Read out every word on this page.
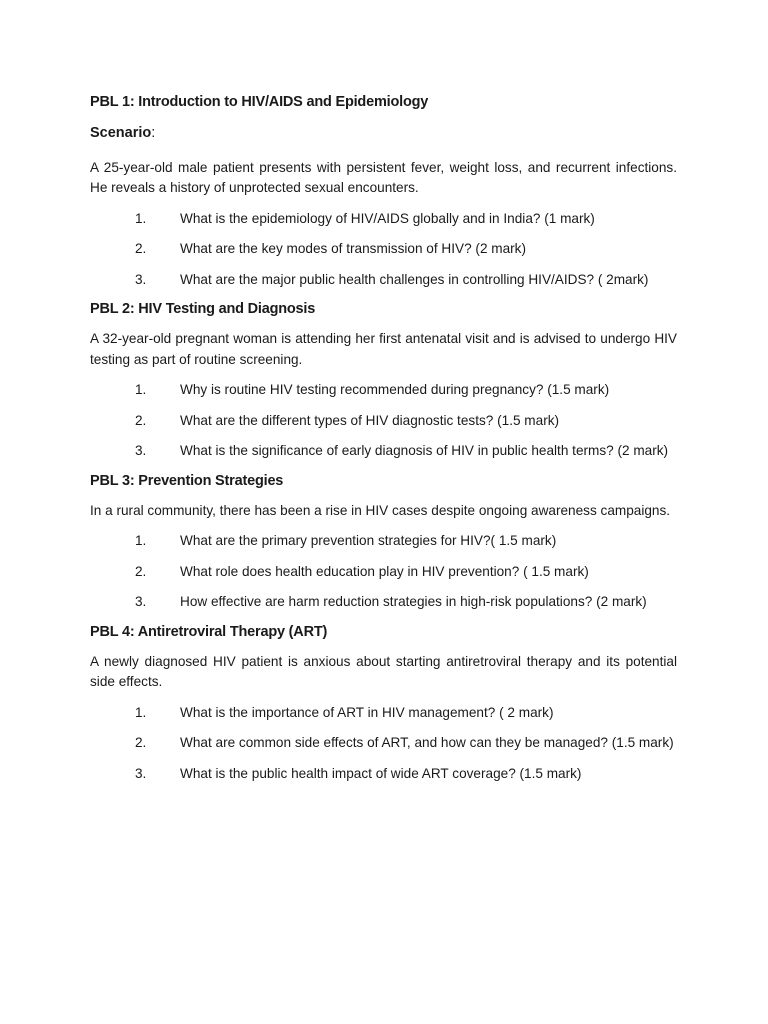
PBL 1: Introduction to HIV/AIDS and Epidemiology

Scenario:

A 25-year-old male patient presents with persistent fever, weight loss, and recurrent infections. He reveals a history of unprotected sexual encounters.

1.	What is the epidemiology of HIV/AIDS globally and in India? (1 mark)
2.	What are the key modes of transmission of HIV? (2 mark)
3.	What are the major public health challenges in controlling HIV/AIDS? ( 2mark)

PBL 2: HIV Testing and Diagnosis

A 32-year-old pregnant woman is attending her first antenatal visit and is advised to undergo HIV testing as part of routine screening.

1.	Why is routine HIV testing recommended during pregnancy? (1.5 mark)
2.	What are the different types of HIV diagnostic tests? (1.5 mark)
3.	What is the significance of early diagnosis of HIV in public health terms? (2 mark)

PBL 3: Prevention Strategies

In a rural community, there has been a rise in HIV cases despite ongoing awareness campaigns.

1.	What are the primary prevention strategies for HIV?( 1.5 mark)
2.	What role does health education play in HIV prevention? ( 1.5 mark)
3.	How effective are harm reduction strategies in high-risk populations? (2 mark)

PBL 4: Antiretroviral Therapy (ART)

A newly diagnosed HIV patient is anxious about starting antiretroviral therapy and its potential side effects.

1.	What is the importance of ART in HIV management? ( 2 mark)
2.	What are common side effects of ART, and how can they be managed? (1.5 mark)
3.	What is the public health impact of wide ART coverage? (1.5 mark)
